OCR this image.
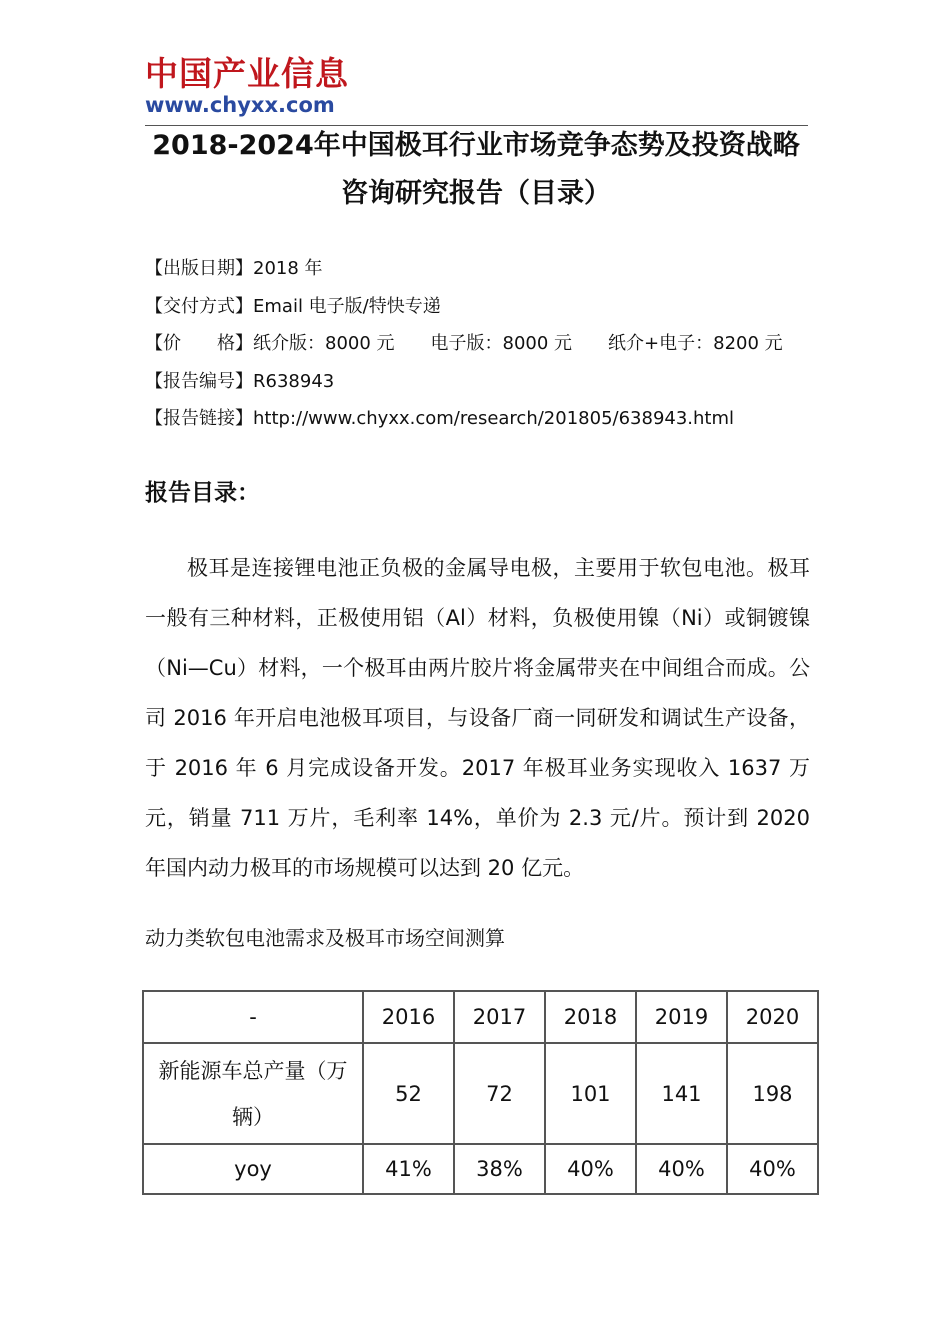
中国产业信息
www.chyxx.com
2018-2024年中国极耳行业市场竞争态势及投资战略咨询研究报告（目录）
【出版日期】2018 年
【交付方式】Email 电子版/特快专递
【价　　格】纸介版：8000 元　　电子版：8000 元　　纸介+电子：8200 元
【报告编号】R638943
【报告链接】http://www.chyxx.com/research/201805/638943.html
报告目录：

极耳是连接锂电池正负极的金属导电极，主要用于软包电池。极耳一般有三种材料，正极使用铝（Al）材料，负极使用镍（Ni）或铜镀镍（Ni—Cu）材料，一个极耳由两片胶片将金属带夹在中间组合而成。公司 2016 年开启电池极耳项目，与设备厂商一同研发和调试生产设备，于 2016 年 6 月完成设备开发。2017 年极耳业务实现收入 1637 万元，销量 711 万片，毛利率 14%，单价为 2.3 元/片。预计到 2020 年国内动力极耳的市场规模可以达到 20 亿元。

动力类软包电池需求及极耳市场空间测算
-	2016	2017	2018	2019	2020
新能源车总产量（万辆）	52	72	101	141	198
yoy	41%	38%	40%	40%	40%
